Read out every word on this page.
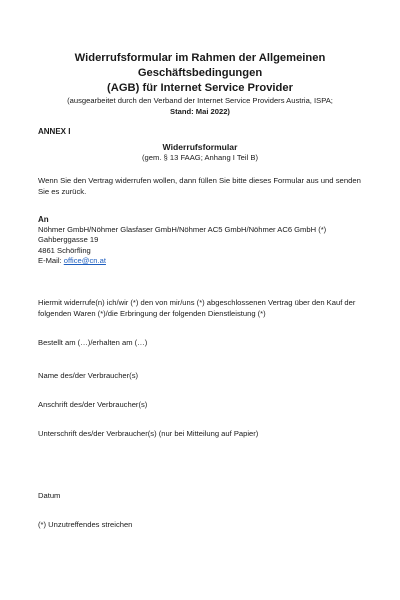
Widerrufsformular im Rahmen der Allgemeinen Geschäftsbedingungen
(AGB) für Internet Service Provider
(ausgearbeitet durch den Verband der Internet Service Providers Austria, ISPA;
Stand: Mai 2022)
ANNEX I
Widerrufsformular
(gem. § 13 FAAG; Anhang I Teil B)
Wenn Sie den Vertrag widerrufen wollen, dann füllen Sie bitte dieses Formular aus und senden Sie es zurück.
An
Nöhmer GmbH/Nöhmer Glasfaser GmbH/Nöhmer AC5 GmbH/Nöhmer AC6 GmbH (*)
Gahberggasse 19
4861 Schörfling
E-Mail: office@cn.at
Hiermit widerrufe(n) ich/wir (*) den von mir/uns (*) abgeschlossenen Vertrag über den Kauf der folgenden Waren (*)/die Erbringung der folgenden Dienstleistung (*)
Bestellt am (…)/erhalten am (…)
Name des/der Verbraucher(s)
Anschrift des/der Verbraucher(s)
Unterschrift des/der Verbraucher(s) (nur bei Mitteilung auf Papier)
Datum
(*) Unzutreffendes streichen
